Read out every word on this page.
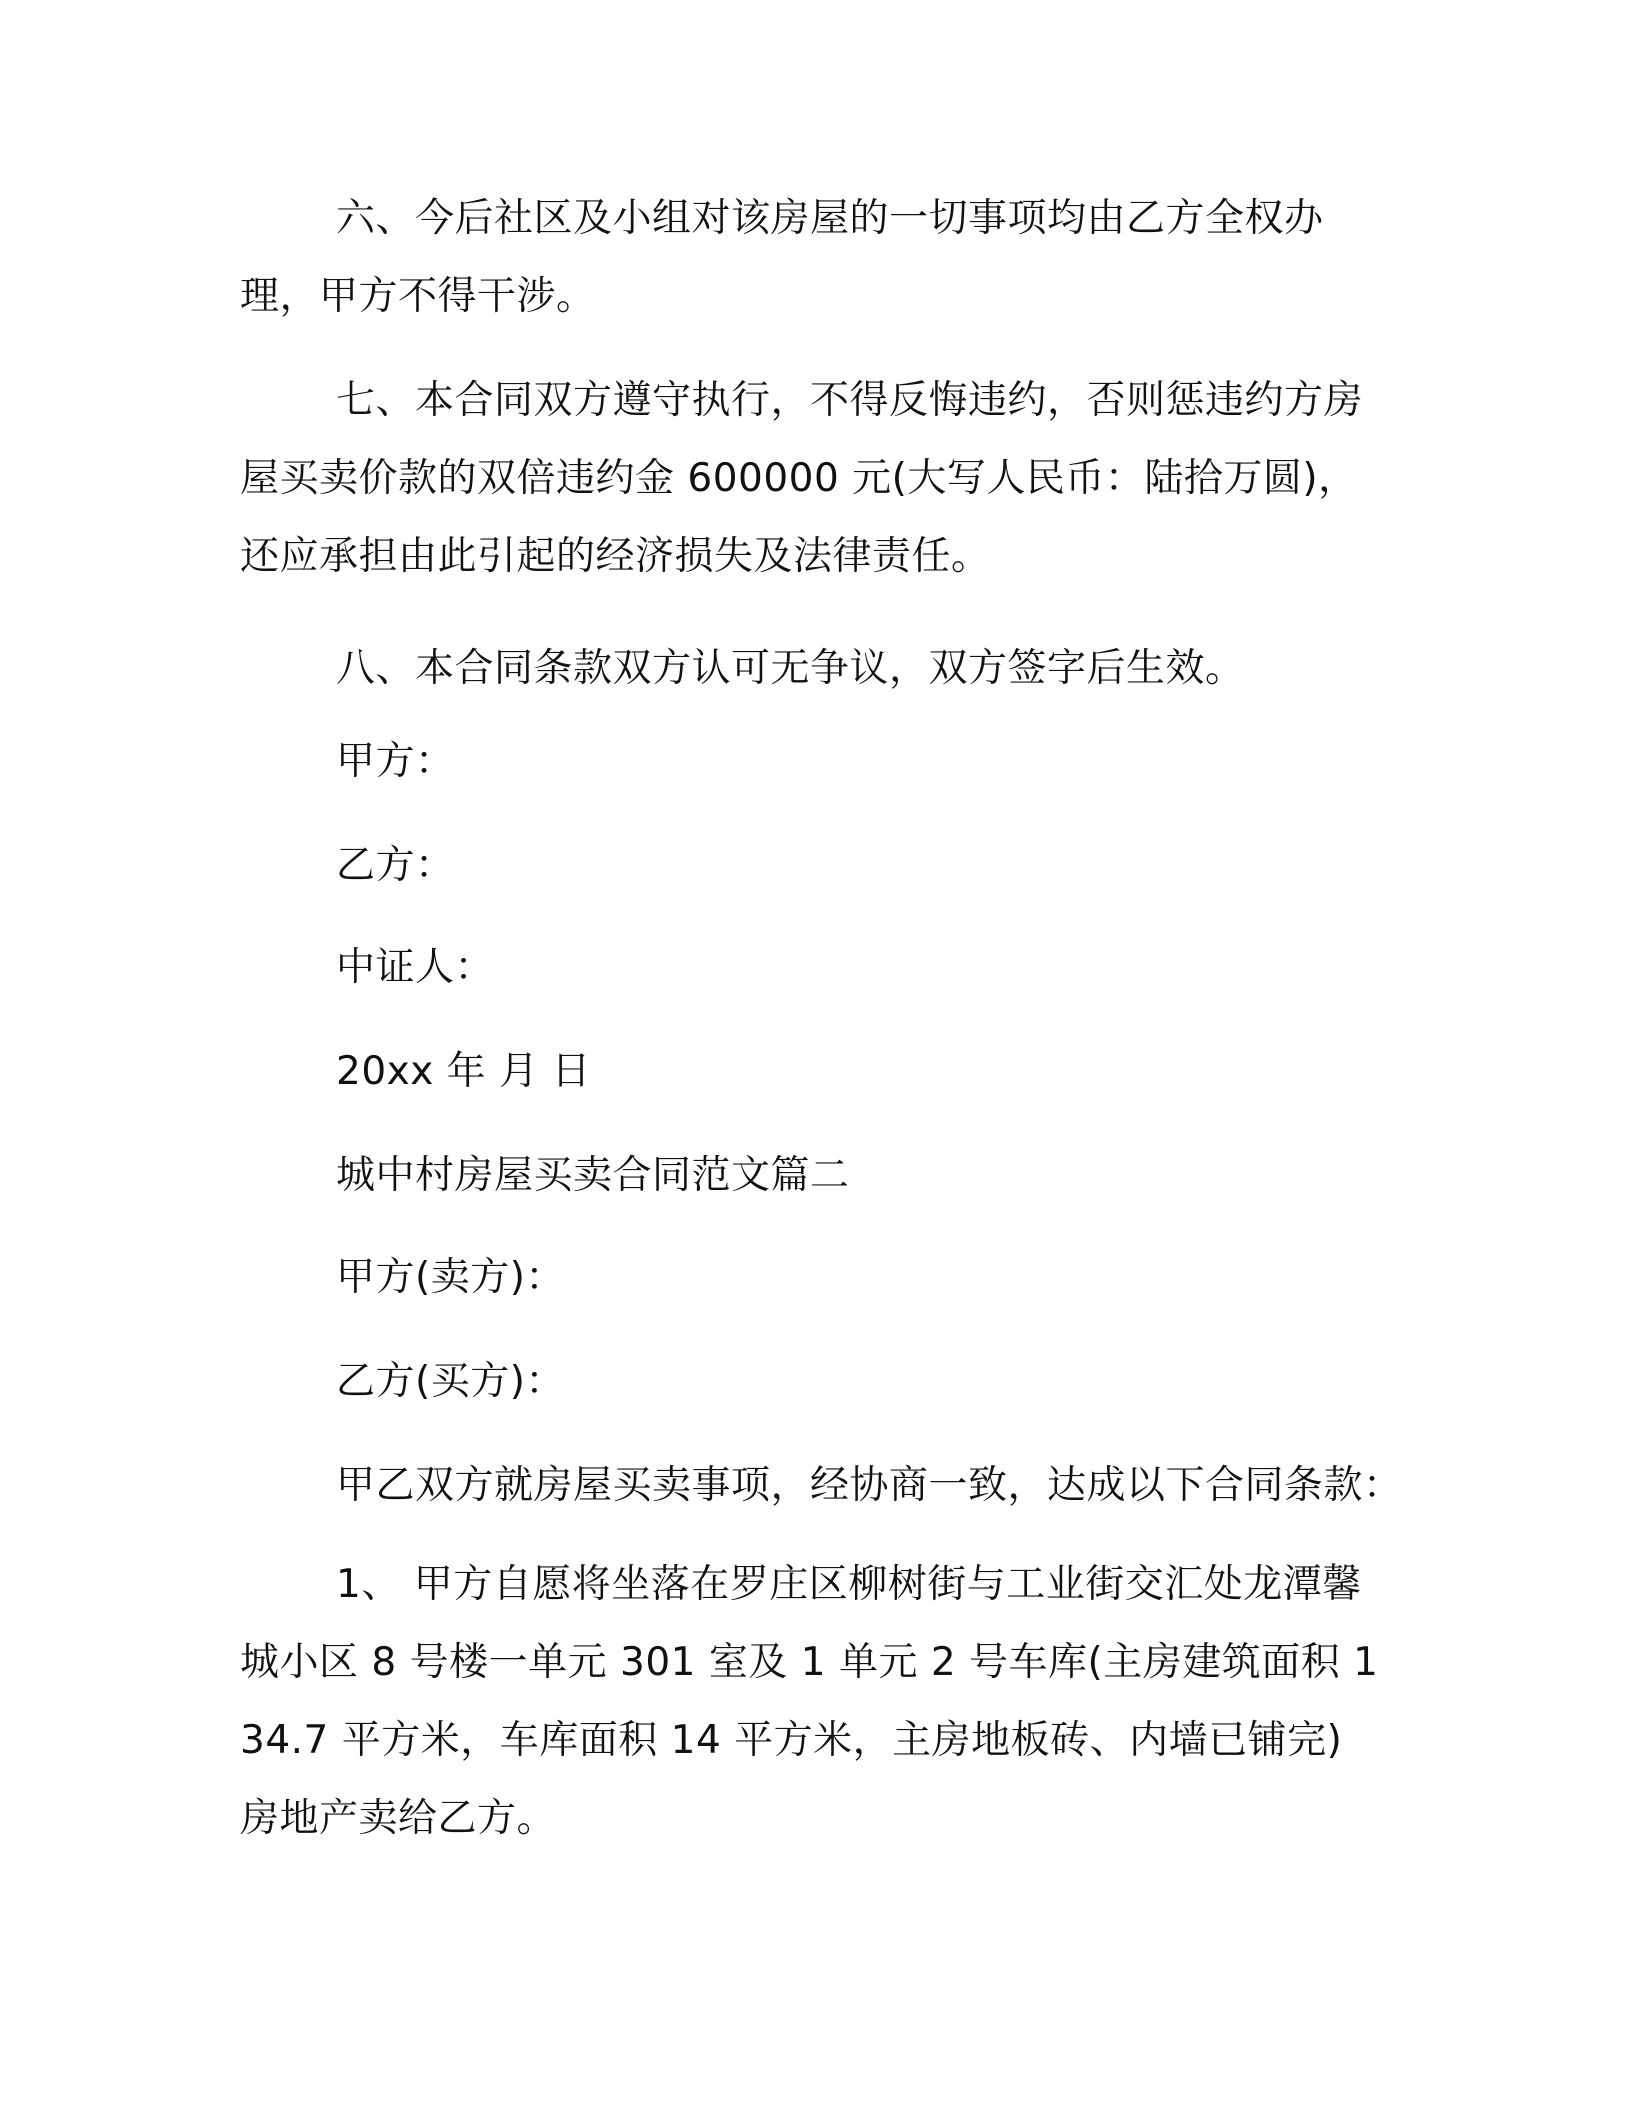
六、今后社区及小组对该房屋的一切事项均由乙方全权办理，甲方不得干涉。

七、本合同双方遵守执行，不得反悔违约，否则惩违约方房屋买卖价款的双倍违约金 600000 元(大写人民币：陆拾万圆)，还应承担由此引起的经济损失及法律责任。

八、本合同条款双方认可无争议，双方签字后生效。

甲方：

乙方：

中证人：

20xx 年 月 日

城中村房屋买卖合同范文篇二

甲方(卖方)：

乙方(买方)：

甲乙双方就房屋买卖事项，经协商一致，达成以下合同条款：

1、 甲方自愿将坐落在罗庄区柳树街与工业街交汇处龙潭馨城小区 8 号楼一单元 301 室及 1 单元 2 号车库(主房建筑面积 134.7 平方米，车库面积 14 平方米，主房地板砖、内墙已铺完)房地产卖给乙方。
